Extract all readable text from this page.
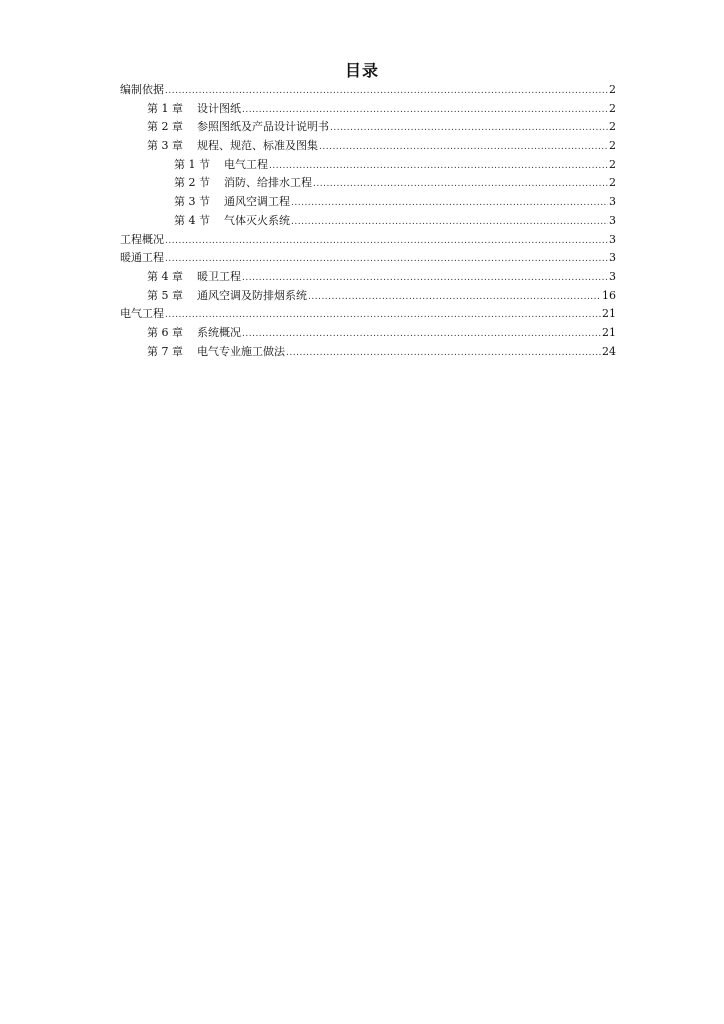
目录
编制依据 .....	2
第 1 章	设计图纸 .....	2
第 2 章	参照图纸及产品设计说明书 .....	2
第 3 章	规程、规范、标准及图集 .....	2
第 1 节	电气工程 .....	2
第 2 节	消防、给排水工程 .....	2
第 3 节	通风空调工程 .....	3
第 4 节	气体灭火系统 .....	3
工程概况 .....	3
暖通工程 .....	3
第 4 章	暖卫工程 .....	3
第 5 章	通风空调及防排烟系统 .....	16
电气工程 .....	21
第 6 章	系统概况 .....	21
第 7 章	电气专业施工做法 .....	24
